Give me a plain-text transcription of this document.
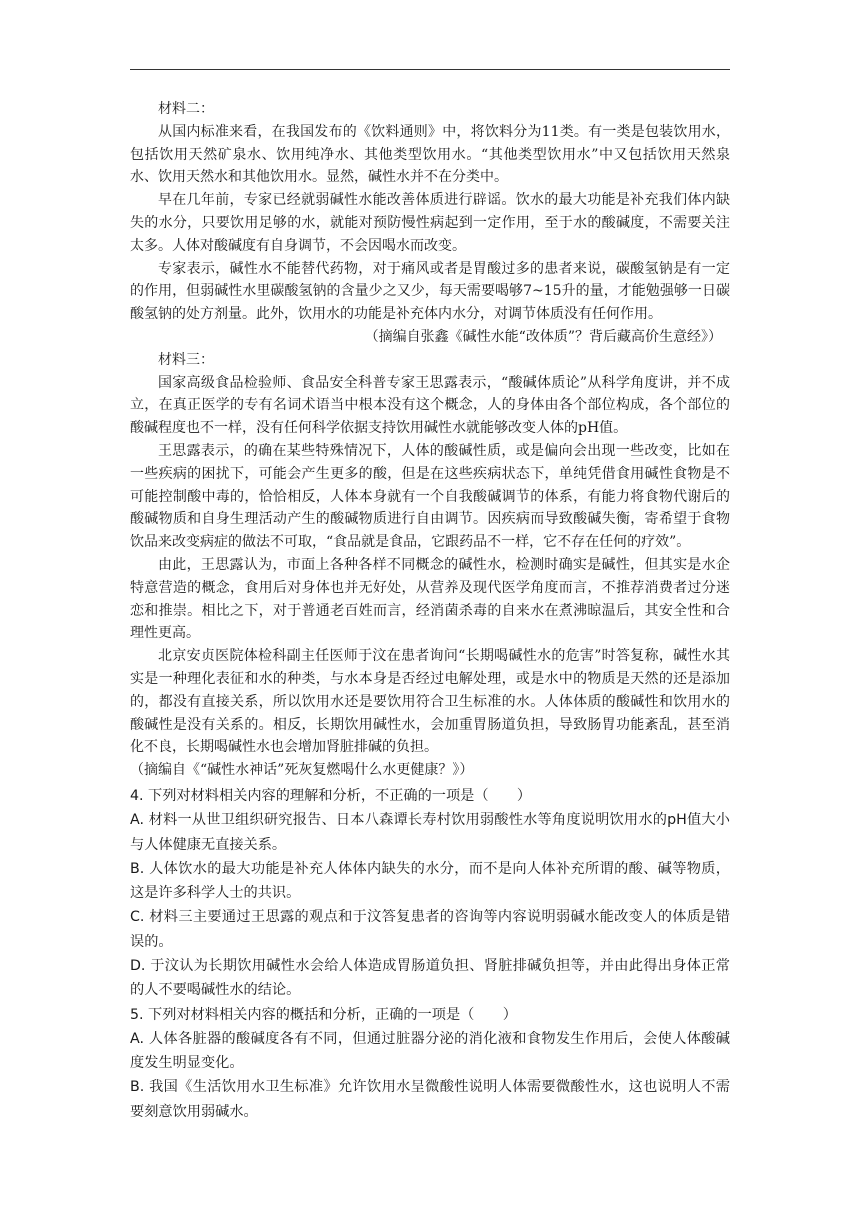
材料二：

从国内标准来看，在我国发布的《饮料通则》中，将饮料分为11类。有一类是包装饮用水，包括饮用天然矿泉水、饮用纯净水、其他类型饮用水。“其他类型饮用水”中又包括饮用天然泉水、饮用天然水和其他饮用水。显然，碱性水并不在分类中。

早在几年前，专家已经就弱碱性水能改善体质进行辟谣。饮水的最大功能是补充我们体内缺失的水分，只要饮用足够的水，就能对预防慢性病起到一定作用，至于水的酸碱度，不需要关注太多。人体对酸碱度有自身调节，不会因喝水而改变。

专家表示，碱性水不能替代药物，对于痛风或者是胃酸过多的患者来说，碳酸氢钠是有一定的作用，但弱碱性水里碳酸氢钠的含量少之又少，每天需要喝够7~15升的量，才能勉强够一日碳酸氢钠的处方剂量。此外，饮用水的功能是补充体内水分，对调节体质没有任何作用。

（摘编自张鑫《碱性水能“改体质”？背后藏高价生意经》）

材料三：

国家高级食品检验师、食品安全科普专家王思露表示，“酸碱体质论”从科学角度讲，并不成立，在真正医学的专有名词术语当中根本没有这个概念，人的身体由各个部位构成，各个部位的酸碱程度也不一样，没有任何科学依据支持饮用碱性水就能够改变人体的pH值。

王思露表示，的确在某些特殊情况下，人体的酸碱性质，或是偏向会出现一些改变，比如在一些疾病的困扰下，可能会产生更多的酸，但是在这些疾病状态下，单纯凭借食用碱性食物是不可能控制酸中毒的，恰恰相反，人体本身就有一个自我酸碱调节的体系，有能力将食物代谢后的酸碱物质和自身生理活动产生的酸碱物质进行自由调节。因疾病而导致酸碱失衡，寄希望于食物饮品来改变病症的做法不可取，“食品就是食品，它跟药品不一样，它不存在任何的疗效”。

由此，王思露认为，市面上各种各样不同概念的碱性水，检测时确实是碱性，但其实是水企特意营造的概念，食用后对身体也并无好处，从营养及现代医学角度而言，不推荐消费者过分迷恋和推崇。相比之下，对于普通老百姓而言，经消菌杀毒的自来水在煮沸晾温后，其安全性和合理性更高。

北京安贞医院体检科副主任医师于汶在患者询问“长期喝碱性水的危害”时答复称，碱性水其实是一种理化表征和水的种类，与水本身是否经过电解处理，或是水中的物质是天然的还是添加的，都没有直接关系，所以饮用水还是要饮用符合卫生标准的水。人体体质的酸碱性和饮用水的酸碱性是没有关系的。相反，长期饮用碱性水，会加重胃肠道负担，导致肠胃功能紊乱，甚至消化不良，长期喝碱性水也会增加肾脏排碱的负担。

（摘编自《“碱性水神话”死灰复燃喝什么水更健康？》）

4. 下列对材料相关内容的理解和分析，不正确的一项是（　　）

A. 材料一从世卫组织研究报告、日本八森谭长寿村饮用弱酸性水等角度说明饮用水的pH值大小与人体健康无直接关系。

B. 人体饮水的最大功能是补充人体体内缺失的水分，而不是向人体补充所谓的酸、碱等物质，这是许多科学人士的共识。

C. 材料三主要通过王思露的观点和于汶答复患者的咨询等内容说明弱碱水能改变人的体质是错误的。

D. 于汶认为长期饮用碱性水会给人体造成胃肠道负担、肾脏排碱负担等，并由此得出身体正常的人不要喝碱性水的结论。

5. 下列对材料相关内容的概括和分析，正确的一项是（　　）

A. 人体各脏器的酸碱度各有不同，但通过脏器分泌的消化液和食物发生作用后，会使人体酸碱度发生明显变化。

B. 我国《生活饮用水卫生标准》允许饮用水呈微酸性说明人体需要微酸性水，这也说明人不需要刻意饮用弱碱水。
